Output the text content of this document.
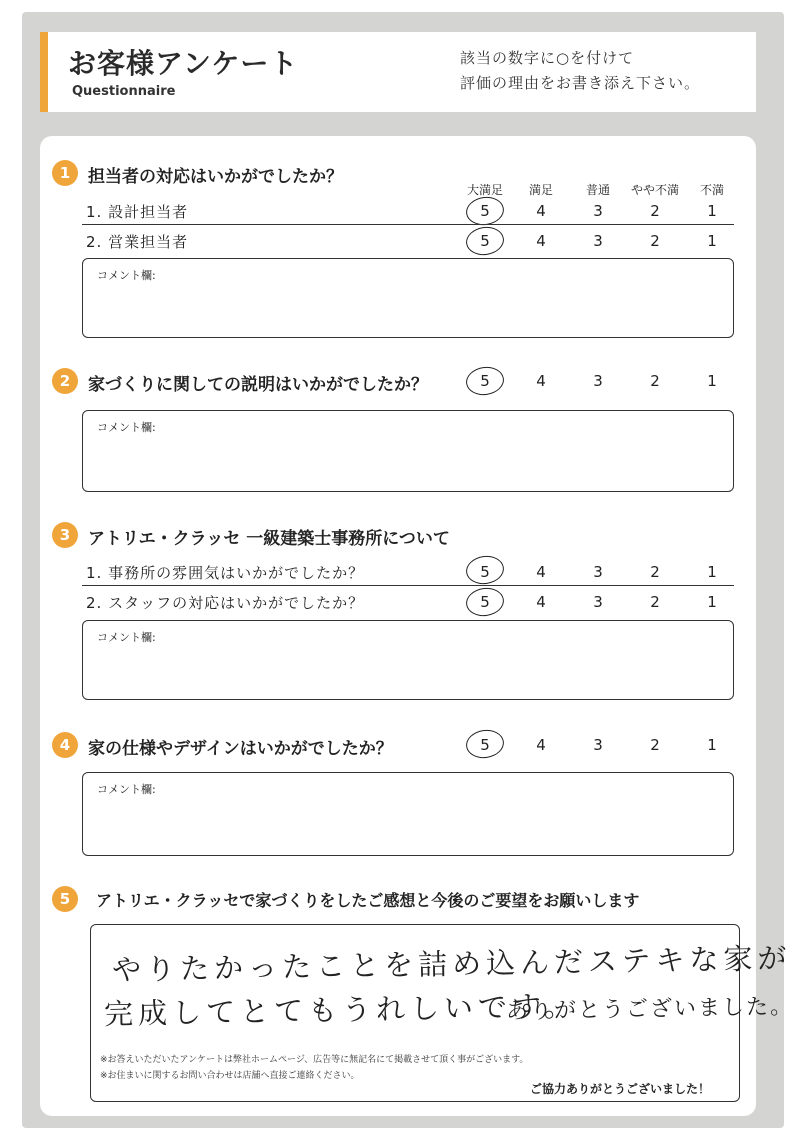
お客様アンケート
Questionnaire
該当の数字に○を付けて
評価の理由をお書き添え下さい。
1	担当者の対応はいかがでしたか？
大満足 満足	普通 やや不満 不満
1. 設計担当者	5	4	3	2	1
2. 営業担当者	5	4	3	2	1
コメント欄:
2	家づくりに関しての説明はいかがでしたか？	5	4	3	2	1
コメント欄:
3	アトリエ・クラッセ 一級建築士事務所について
1. 事務所の雰囲気はいかがでしたか？	5	4	3	2	1
2. スタッフの対応はいかがでしたか？	5	4	3	2	1
コメント欄:
4	家の仕様やデザインはいかがでしたか？	5	4	3	2	1
コメント欄:
5	アトリエ・クラッセで家づくりをしたご感想と今後のご要望をお願いします
やりたかったことを詰め込んだステキな家が
完成してとてもうれしいです。
ありがとうございました。
※お答えいただいたアンケートは弊社ホームページ、広告等に無記名にて掲載させて頂く事がございます。
※お住まいに関するお問い合わせは店舗へ直接ご連絡ください。
ご協力ありがとうございました！
